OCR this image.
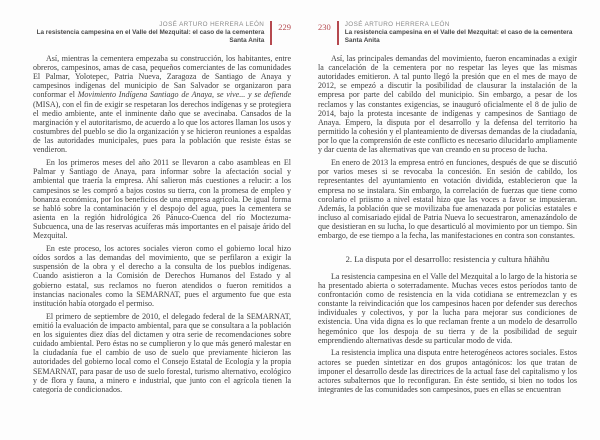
JOSÉ ARTURO HERRERA LEÓN
La resistencia campesina en el Valle del Mezquital: el caso de la cementera Santa Anita
229

Así, mientras la cementera empezaba su construcción, los habitantes, entre obreros, campesinos, amas de casa, pequeños comerciantes de las comunidades El Palmar, Yolotepec, Patria Nueva, Zaragoza de Santiago de Anaya y campesinos indígenas del municipio de San Salvador se organizaron para conformar el Movimiento Indígena Santiago de Anaya, se vive... y se defiende (MISA), con el fin de exigir se respetaran los derechos indígenas y se protegiera el medio ambiente, ante el inminente daño que se avecinaba. Cansados de la marginación y el autoritarismo, de acuerdo a lo que los actores llaman los usos y costumbres del pueblo se dio la organización y se hicieron reuniones a espaldas de las autoridades municipales, pues para la población que resiste éstas se vendieron.

En los primeros meses del año 2011 se llevaron a cabo asambleas en El Palmar y Santiago de Anaya, para informar sobre la afectación social y ambiental que traería la empresa. Ahí salieron más cuestiones a relucir: a los campesinos se les compró a bajos costos su tierra, con la promesa de empleo y bonanza económica, por los beneficios de una empresa agrícola. De igual forma se habló sobre la contaminación y el despojo del agua, pues la cementera se asienta en la región hidrológica 26 Pánuco-Cuenca del río Moctezuma-Subcuenca, una de las reservas acuíferas más importantes en el paisaje árido del Mezquital.

En este proceso, los actores sociales vieron como el gobierno local hizo oídos sordos a las demandas del movimiento, que se perfilaron a exigir la suspensión de la obra y el derecho a la consulta de los pueblos indígenas. Cuando asistieron a la Comisión de Derechos Humanos del Estado y al gobierno estatal, sus reclamos no fueron atendidos o fueron remitidos a instancias nacionales como la SEMARNAT, pues el argumento fue que esta institución había otorgado el permiso.

El primero de septiembre de 2010, el delegado federal de la SEMARNAT, emitió la evaluación de impacto ambiental, para que se consultara a la población en los siguientes diez días del dictamen y otra serie de recomendaciones sobre cuidado ambiental. Pero éstas no se cumplieron y lo que más generó malestar en la ciudadanía fue el cambio de uso de suelo que previamente hicieron las autoridades del gobierno local como el Consejo Estatal de Ecología y la propia SEMARNAT, para pasar de uso de suelo forestal, turismo alternativo, ecológico y de flora y fauna, a minero e industrial, que junto con el agrícola tienen la categoría de condicionados.

230 JOSÉ ARTURO HERRERA LEÓN
La resistencia campesina en el Valle del Mezquital: el caso de la cementera Santa Anita

Así, las principales demandas del movimiento, fueron encaminadas a exigir la cancelación de la cementera por no respetar las leyes que las mismas autoridades emitieron. A tal punto llegó la presión que en el mes de mayo de 2012, se empezó a discutir la posibilidad de clausurar la instalación de la empresa por parte del cabildo del municipio. Sin embargo, a pesar de los reclamos y las constantes exigencias, se inauguró oficialmente el 8 de julio de 2014, bajo la protesta incesante de indígenas y campesinos de Santiago de Anaya. Empero, la disputa por el desarrollo y la defensa del territorio ha permitido la cohesión y el planteamiento de diversas demandas de la ciudadanía, por lo que la comprensión de este conflicto es necesario dilucidarlo ampliamente y dar cuenta de las alternativas que van creando en su proceso de lucha.

En enero de 2013 la empresa entró en funciones, después de que se discutió por varios meses si se revocaba la concesión. En sesión de cabildo, los representantes del ayuntamiento en votación dividida, establecieron que la empresa no se instalara. Sin embargo, la correlación de fuerzas que tiene como corolario el priismo a nivel estatal hizo que las voces a favor se impusieran. Además, la población que se movilizaba fue amenazada por policías estatales e incluso al comisariado ejidal de Patria Nueva lo secuestraron, amenazándolo de que desistieran en su lucha, lo que desarticuló al movimiento por un tiempo. Sin embargo, de ese tiempo a la fecha, las manifestaciones en contra son constantes.

2. La disputa por el desarrollo: resistencia y cultura hñähñu

La resistencia campesina en el Valle del Mezquital a lo largo de la historia se ha presentado abierta o soterradamente. Muchas veces estos períodos tanto de confrontación como de resistencia en la vida cotidiana se entremezclan y es constante la reivindicación que los campesinos hacen por defender sus derechos individuales y colectivos, y por la lucha para mejorar sus condiciones de existencia. Una vida digna es lo que reclaman frente a un modelo de desarrollo hegemónico que los despoja de su tierra y de la posibilidad de seguir emprendiendo alternativas desde su particular modo de vida.

La resistencia implica una disputa entre heterogéneos actores sociales. Estos actores se pueden sintetizar en dos grupos antagónicos: los que tratan de imponer el desarrollo desde las directrices de la actual fase del capitalismo y los actores subalternos que lo reconfiguran. En éste sentido, si bien no todos los integrantes de las comunidades son campesinos, pues en ellas se encuentran
